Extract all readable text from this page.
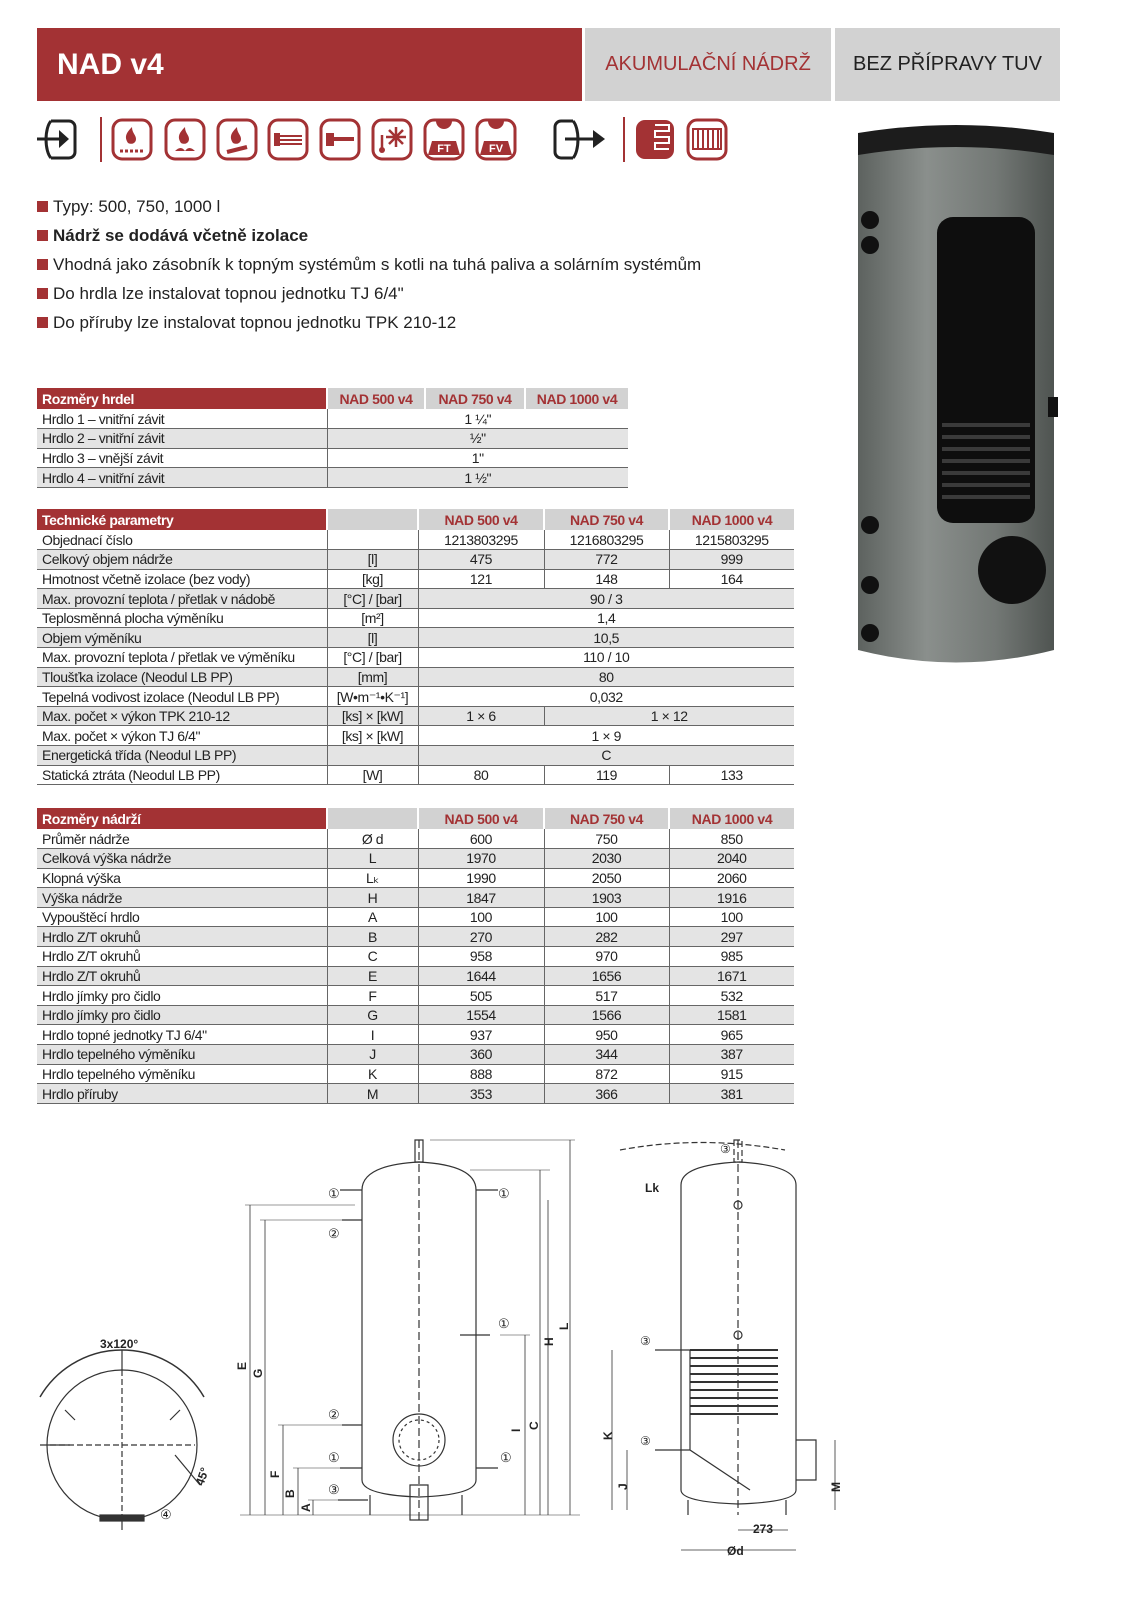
NAD v4	AKUMULAČNÍ NÁDRŽ	BEZ PŘÍPRAVY TUV
FT	FV
Typy: 500, 750, 1000 l
Nádrž se dodává včetně izolace
Vhodná jako zásobník k topným systémům s kotli na tuhá paliva a solárním systémům
Do hrdla lze instalovat topnou jednotku TJ 6/4"
Do příruby lze instalovat topnou jednotku TPK 210-12
Rozměry hrdel	NAD 500 v4	NAD 750 v4	NAD 1000 v4
Hrdlo 1 – vnitřní závit	1 ¼"		
Hrdlo 2 – vnitřní závit	½"		
Hrdlo 3 – vnější závit	1"		
Hrdlo 4 – vnitřní závit	1 ½"		
Technické parametry		NAD 500 v4	NAD 750 v4	NAD 1000 v4
Objednací číslo		1213803295	1216803295	1215803295
Celkový objem nádrže	[l]	475	772	999
Hmotnost včetně izolace (bez vody)	[kg]	121	148	164
Max. provozní teplota / přetlak v nádobě	[°C] / [bar]	90 / 3		
Teplosměnná plocha výměníku	[m²]	1,4		
Objem výměníku	[l]	10,5		
Max. provozní teplota / přetlak ve výměníku	[°C] / [bar]	110 / 10		
Tloušťka izolace (Neodul LB PP)	[mm]	80		
Tepelná vodivost izolace (Neodul LB PP)	[W•m⁻¹•K⁻¹]	0,032		
Max. počet × výkon TPK 210-12	[ks] × [kW]	1 × 6	1 × 12	
Max. počet × výkon TJ 6/4"	[ks] × [kW]	1 × 9		
Energetická třída (Neodul LB PP)		C		
Statická ztráta (Neodul LB PP)	[W]	80	119	133
Rozměry nádrží		NAD 500 v4	NAD 750 v4	NAD 1000 v4
Průměr nádrže	Ø d	600	750	850
Celková výška nádrže	L	1970	2030	2040
Klopná výška	Lₖ	1990	2050	2060
Výška nádrže	H	1847	1903	1916
Vypouštěcí hrdlo	A	100	100	100
Hrdlo Z/T okruhů	B	270	282	297
Hrdlo Z/T okruhů	C	958	970	985
Hrdlo Z/T okruhů	E	1644	1656	1671
Hrdlo jímky pro čidlo	F	505	517	532
Hrdlo jímky pro čidlo	G	1554	1566	1581
Hrdlo topné jednotky TJ 6/4"	I	937	950	965
Hrdlo tepelného výměníku	J	360	344	387
Hrdlo tepelného výměníku	K	888	872	915
Hrdlo příruby	M	353	366	381
3x120°
45°
④
E
G
F
B
A
H
L
C
I
①	①
②
①
②
①	①
③
Lk
K
J	M
273
Ød
③
③
③
